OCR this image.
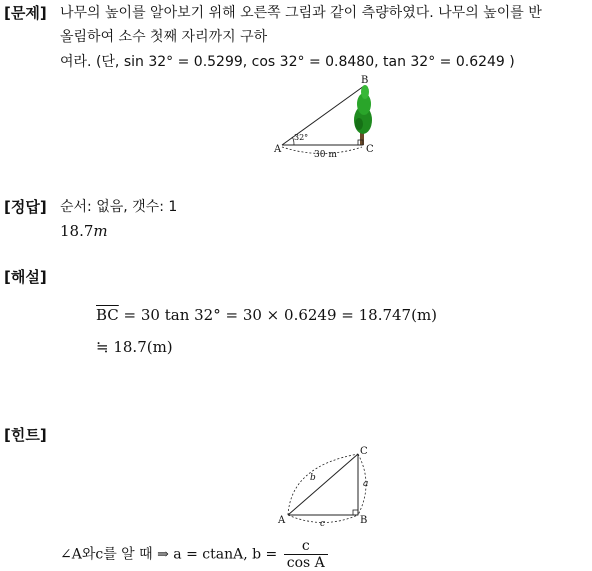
[문제] 나무의 높이를 알아보기 위해 오른쪽 그림과 같이 측량하였다. 나무의 높이를 반
올림하여 소수 첫째 자리까지 구하
여라. (단, sin 32° = 0.5299, cos 32° = 0.8480, tan 32° = 0.6249 )
B
A	C
32°
30 m
[정답] 순서: 없음, 갯수: 1
18.7m
[해설]
$\overline{BC} = 30$ tan 32° = 30 × 0.6249 = 18.747(m)
≒ 18.7(m)
[힌트]
C
A	B
a
b
c
∠A와c를 알 때 ⇒ a = ctanA, $b = \frac{c}{\text{cos A}}$
